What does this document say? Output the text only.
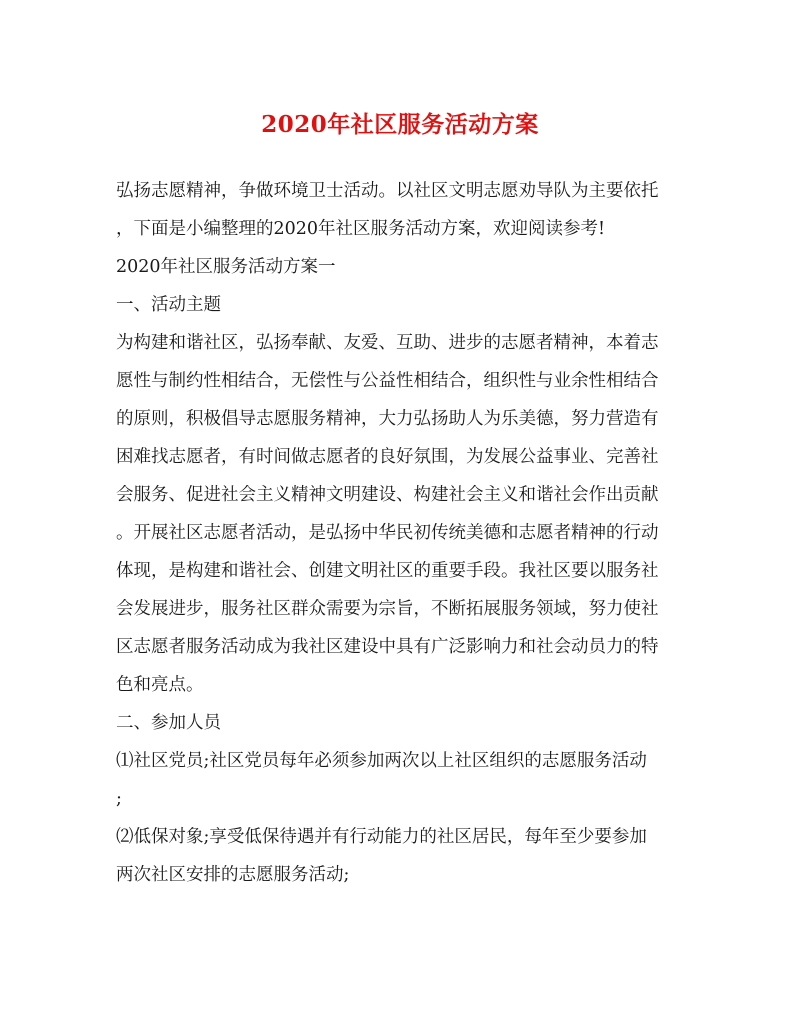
2020年社区服务活动方案
弘扬志愿精神，争做环境卫士活动。以社区文明志愿劝导队为主要依托
，下面是小编整理的2020年社区服务活动方案，欢迎阅读参考!
2020年社区服务活动方案一
一、活动主题
为构建和谐社区，弘扬奉献、友爱、互助、进步的志愿者精神，本着志
愿性与制约性相结合，无偿性与公益性相结合，组织性与业余性相结合
的原则，积极倡导志愿服务精神，大力弘扬助人为乐美德，努力营造有
困难找志愿者，有时间做志愿者的良好氛围，为发展公益事业、完善社
会服务、促进社会主义精神文明建设、构建社会主义和谐社会作出贡献
。开展社区志愿者活动，是弘扬中华民初传统美德和志愿者精神的行动
体现，是构建和谐社会、创建文明社区的重要手段。我社区要以服务社
会发展进步，服务社区群众需要为宗旨，不断拓展服务领域，努力使社
区志愿者服务活动成为我社区建设中具有广泛影响力和社会动员力的特
色和亮点。
二、参加人员
⑴社区党员;社区党员每年必须参加两次以上社区组织的志愿服务活动
;
⑵低保对象;享受低保待遇并有行动能力的社区居民，每年至少要参加
两次社区安排的志愿服务活动;
